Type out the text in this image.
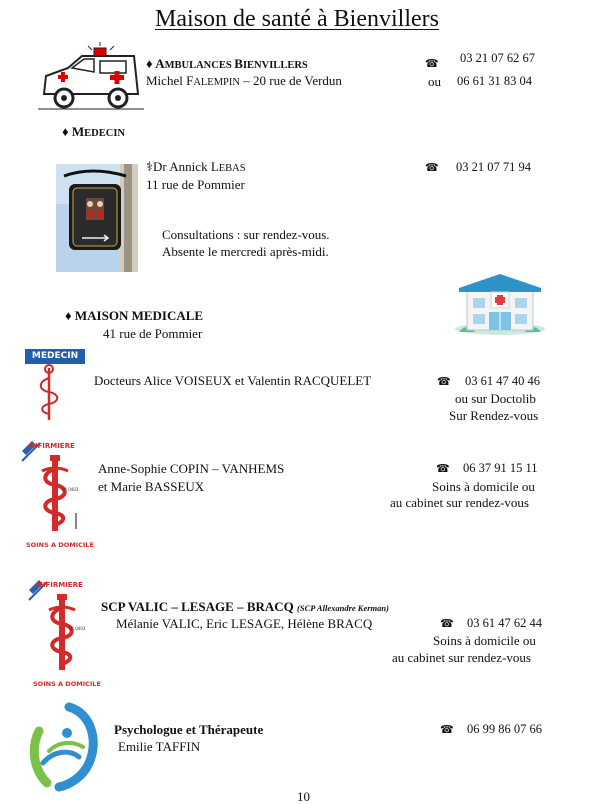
Maison de santé à Bienvillers
♦ AMBULANCES BIENVILLERS
Michel FALEMPIN – 20 rue de Verdun
☎ 03 21 07 62 67
ou 06 61 31 83 04
♦ MEDECIN
⚕Dr Annick LEBAS
11 rue de Pommier
☎ 03 21 07 71 94
Consultations : sur rendez-vous.
Absente le mercredi après-midi.
♦ MAISON MEDICALE
41 rue de Pommier
MEDECIN
Docteurs Alice VOISEUX et Valentin RACQUELET	☎ 03 61 47 40 46
ou sur Doctolib
Sur Rendez-vous
INFIRMIERE
N° 0403
SOINS A DOMICILE
Anne-Sophie COPIN – VANHEMS
et Marie BASSEUX
☎ 06 37 91 15 11
Soins à domicile ou
au cabinet sur rendez-vous
INFIRMIERE
N° 0403
SOINS A DOMICILE
SCP VALIC – LESAGE – BRACQ (SCP Allexandre Kerman)
Mélanie VALIC, Eric LESAGE, Hélène BRACQ	☎ 03 61 47 62 44
Soins à domicile ou
au cabinet sur rendez-vous
Psychologue et Thérapeute
Emilie TAFFIN
☎ 06 99 86 07 66
10
